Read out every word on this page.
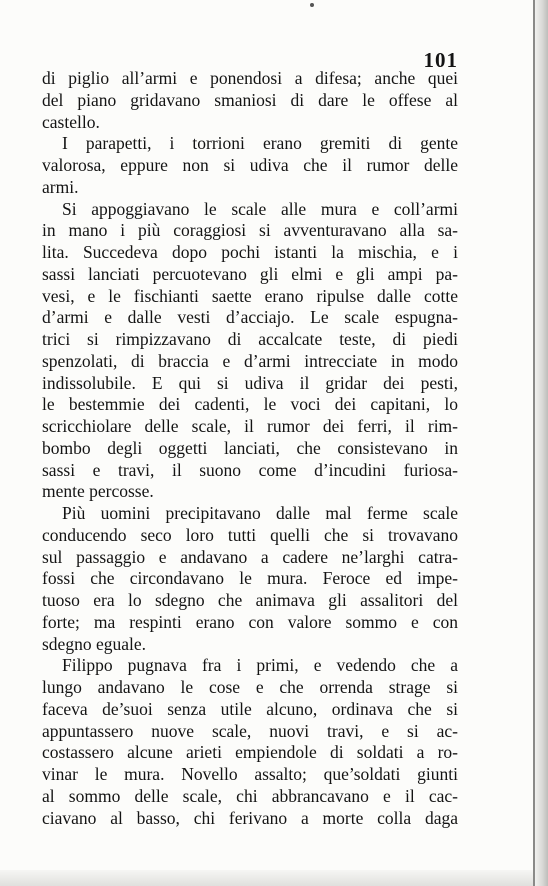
101
di piglio all’armi e ponendosi a difesa; anche quei
del piano gridavano smaniosi di dare le offese al
castello.
I parapetti, i torrioni erano gremiti di gente
valorosa, eppure non si udiva che il rumor delle
armi.
Si appoggiavano le scale alle mura e coll’armi
in mano i più coraggiosi si avventuravano alla sa-
lita. Succedeva dopo pochi istanti la mischia, e i
sassi lanciati percuotevano gli elmi e gli ampi pa-
vesi, e le fischianti saette erano ripulse dalle cotte
d’armi e dalle vesti d’acciajo. Le scale espugna-
trici si rimpizzavano di accalcate teste, di piedi
spenzolati, di braccia e d’armi intrecciate in modo
indissolubile. E qui si udiva il gridar dei pesti,
le bestemmie dei cadenti, le voci dei capitani, lo
scricchiolare delle scale, il rumor dei ferri, il rim-
bombo degli oggetti lanciati, che consistevano in
sassi e travi, il suono come d’incudini furiosa-
mente percosse.
Più uomini precipitavano dalle mal ferme scale
conducendo seco loro tutti quelli che si trovavano
sul passaggio e andavano a cadere ne’larghi catra-
fossi che circondavano le mura. Feroce ed impe-
tuoso era lo sdegno che animava gli assalitori del
forte; ma respinti erano con valore sommo e con
sdegno eguale.
Filippo pugnava fra i primi, e vedendo che a
lungo andavano le cose e che orrenda strage si
faceva de’suoi senza utile alcuno, ordinava che si
appuntassero nuove scale, nuovi travi, e si ac-
costassero alcune arieti empiendole di soldati a ro-
vinar le mura. Novello assalto; que’soldati giunti
al sommo delle scale, chi abbrancavano e il cac-
ciavano al basso, chi ferivano a morte colla daga
